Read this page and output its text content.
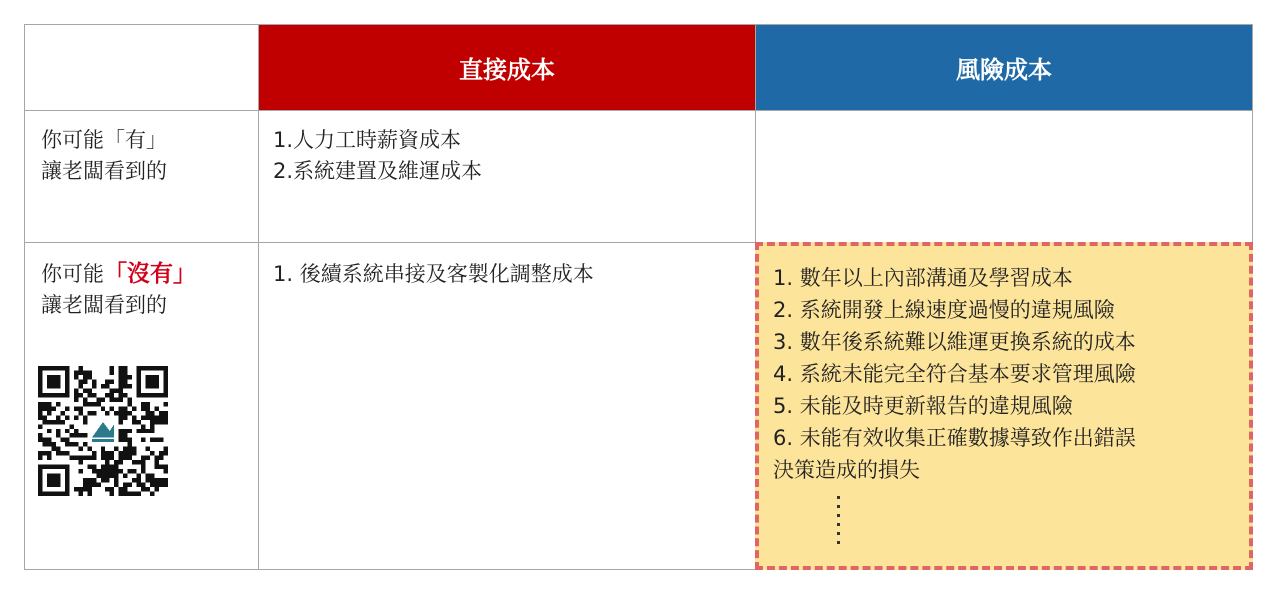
直接成本	風險成本
你可能「有」
讓老闆看到的
1.人力工時薪資成本
2.系統建置及維運成本
你可能「沒有」
讓老闆看到的
1. 後續系統串接及客製化調整成本	1. 數年以上內部溝通及學習成本
2. 系統開發上線速度過慢的違規風險
3. 數年後系統難以維運更換系統的成本
4. 系統未能完全符合基本要求管理風險
5. 未能及時更新報告的違規風險
6. 未能有效收集正確數據導致作出錯誤
決策造成的損失
